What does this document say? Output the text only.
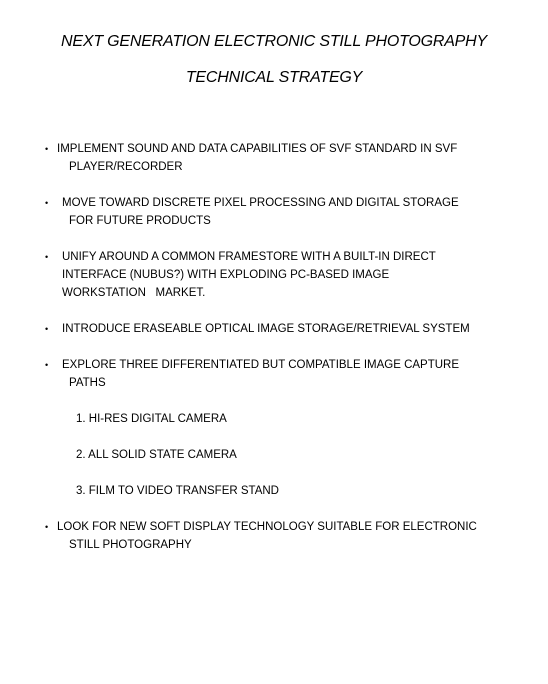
NEXT GENERATION ELECTRONIC STILL PHOTOGRAPHY
TECHNICAL STRATEGY
• IMPLEMENT SOUND AND DATA CAPABILITIES OF SVF STANDARD IN SVF
PLAYER/RECORDER
• MOVE TOWARD DISCRETE PIXEL PROCESSING AND DIGITAL STORAGE
FOR FUTURE PRODUCTS
• UNIFY AROUND A COMMON FRAMESTORE WITH A BUILT-IN DIRECT
INTERFACE (NUBUS?) WITH EXPLODING PC-BASED IMAGE
WORKSTATION   MARKET.
• INTRODUCE ERASEABLE OPTICAL IMAGE STORAGE/RETRIEVAL SYSTEM
• EXPLORE THREE DIFFERENTIATED BUT COMPATIBLE IMAGE CAPTURE
PATHS
1. HI-RES DIGITAL CAMERA
2. ALL SOLID STATE CAMERA
3. FILM TO VIDEO TRANSFER STAND
• LOOK FOR NEW SOFT DISPLAY TECHNOLOGY SUITABLE FOR ELECTRONIC
STILL PHOTOGRAPHY
